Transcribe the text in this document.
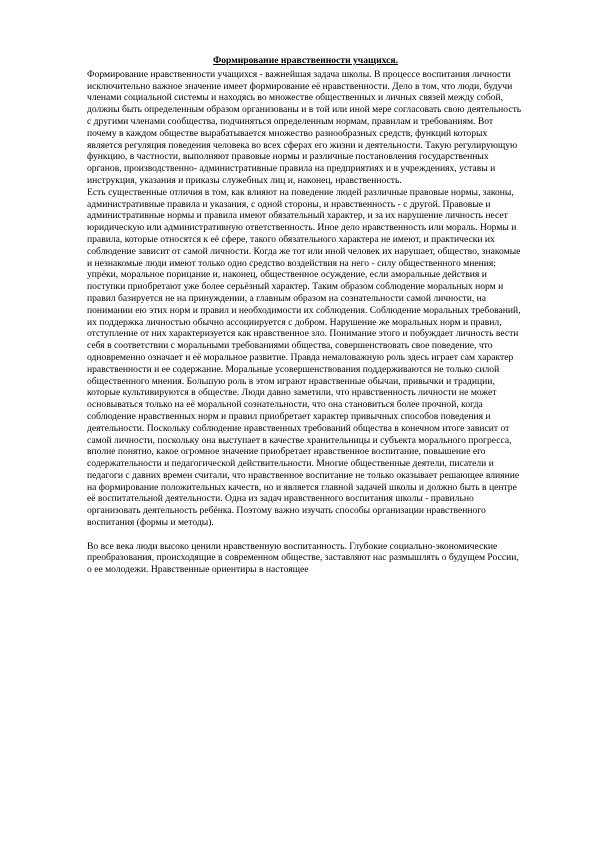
Формирование нравственности учащихся.

Формирование нравственности учащихся - важнейшая задача школы. В процессе воспитания личности исключительно важное значение имеет формирование её нравственности. Дело в том, что люди, будучи членами социальной системы и находясь во множестве общественных и личных связей между собой, должны быть определенным образом организованы и в той или иной мере согласовать свою деятельность с другими членами сообщества, подчиняться определенным нормам, правилам и требованиям. Вот почему в каждом обществе вырабатывается множество разнообразных средств, функций которых является регуляция поведения человека во всех сферах его жизни и деятельности. Такую регулирующую функцию, в частности, выполняют правовые нормы и различные постановления государственных органов, производственно- административные правила на предприятиях и в учреждениях, уставы и инструкция, указания и приказы служебных лиц и, наконец, нравственность.

Есть существенные отличия в том, как влияют на поведение людей различные правовые нормы, законы, административные правила и указания, с одной стороны, и нравственность - с другой. Правовые и административные нормы и правила имеют обязательный характер, и за их нарушение личность несет юридическую или административную ответственность. Иное дело нравственность или мораль. Нормы и правила, которые относятся к её сфере, такого обязательного характера не имеют, и практически их соблюдение зависит от самой личности. Когда же тот или иной человек их нарушает, общество, знакомые и незнакомые люди имеют только одно средство воздействия на него - силу общественного мнения; упрёки, моральное порицание и, наконец, общественное осуждение, если аморальные действия и поступки приобретают уже более серьёзный характер. Таким образом соблюдение моральных норм и правил базируется не на принуждении, а главным образом на сознательности самой личности, на понимании ею этих норм и правил и необходимости их соблюдения. Соблюдение моральных требований, их поддержка личностью обычно ассоциируется с добром. Нарушение же моральных норм и правил, отступление от них характеризуется как нравственное зло. Понимание этого и побуждает личность вести себя в соответствии с моральными требованиями общества, совершенствовать свое поведение, что одновременно означает и её моральное развитие. Правда немаловажную роль здесь играет сам характер нравственности и ее содержание. Моральные усовершенствования поддерживаются не только силой общественного мнения. Большую роль в этом играют нравственные обычаи, привычки и традиции, которые культивируются в обществе. Люди давно заметили, что нравственность личности не может основываться только на её моральной сознательности, что она становиться более прочной, когда соблюдение нравственных норм и правил приобретает характер привычных способов поведения и деятельности. Поскольку соблюдение нравственных требований общества в конечном итоге зависит от самой личности, поскольку она выступает в качестве хранительницы и субъекта морального прогресса, вполне понятно, какое огромное значение приобретает нравственное воспитание, повышение его содержательности и педагогической действительности. Многие общественные деятели, писатели и педагоги с давних времен считали, что нравственное воспитание не только оказывает решающее влияние на формирование положительных качеств, но и является главной задачей школы и должно быть в центре её воспитательной деятельности. Одна из задач нравственного воспитания школы - правильно организовать деятельность ребёнка. Поэтому важно изучать способы организации нравственного воспитания (формы и методы).

Во все века люди высоко ценили нравственную воспитанность. Глубокие социально-экономические преобразования, происходящие в современном обществе, заставляют нас размышлять о будущем России, о ее молодежи. Нравственные ориентиры в настоящее
